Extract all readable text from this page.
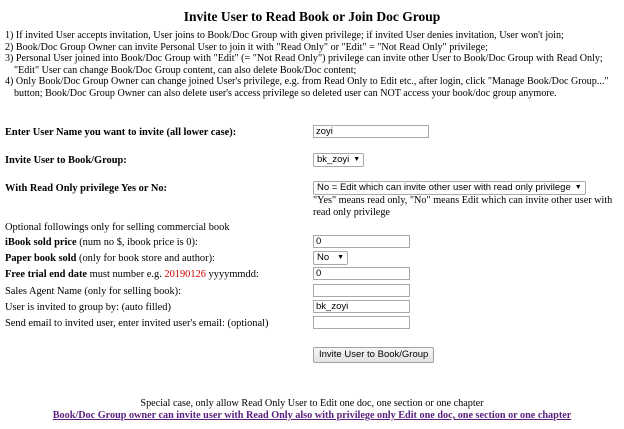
Invite User to Read Book or Join Doc Group
1) If invited User accepts invitation, User joins to Book/Doc Group with given privilege; if invited User denies invitation, User won't join;
2) Book/Doc Group Owner can invite Personal User to join it with "Read Only" or "Edit" = "Not Read Only" privilege;
3) Personal User joined into Book/Doc Group with "Edit" (= "Not Read Only") privilege can invite other User to Book/Doc Group with Read Only;
"Edit" User can change Book/Doc Group content, can also delete Book/Doc content;
4) Only Book/Doc Group Owner can change joined User's privilege, e.g. from Read Only to Edit etc., after login, click "Manage Book/Doc Group..."
button; Book/Doc Group Owner can also delete user's access privilege so deleted user can NOT access your book/doc group anymore.
Enter User Name you want to invite (all lower case):	zoyi
Invite User to Book/Group:	bk_zoyi ▼
With Read Only privilege Yes or No:	No = Edit which can invite other user with read only privilege ▼
"Yes" means read only, "No" means Edit which can invite other user with read only privilege
Optional followings only for selling commercial book
iBook sold price (num no $, ibook price is 0):	0
Paper book sold (only for book store and author):	No ▼
Free trial end date must number e.g. 20190126 yyyymmdd:	0
Sales Agent Name (only for selling book):
User is invited to group by: (auto filled)	bk_zoyi
Send email to invited user, enter invited user's email: (optional)
Invite User to Book/Group
Special case, only allow Read Only User to Edit one doc, one section or one chapter
Book/Doc Group owner can invite user with Read Only also with privilege only Edit one doc, one section or one chapter
